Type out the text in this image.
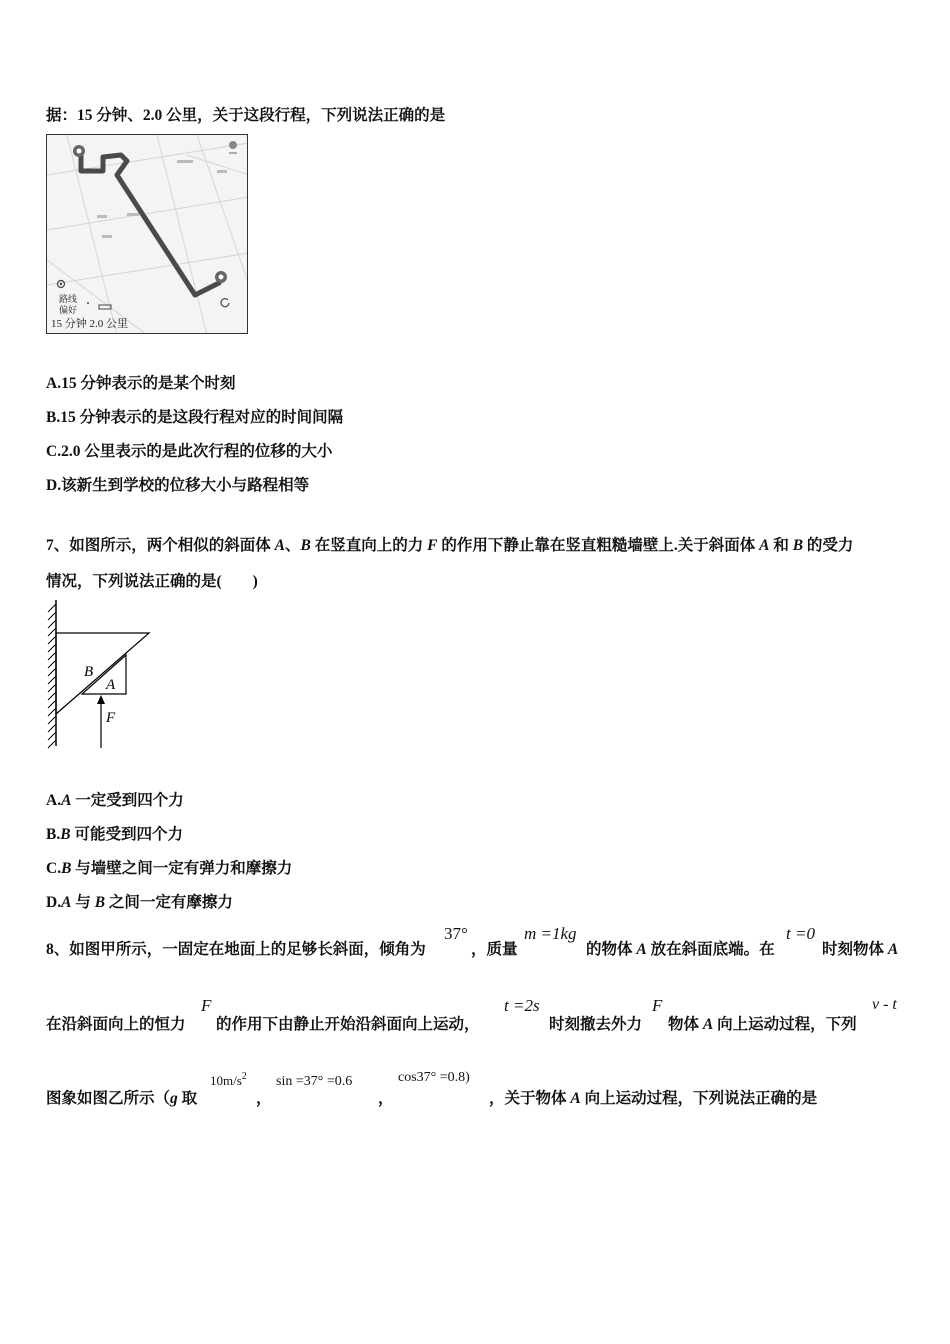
据：15 分钟、2.0 公里，关于这段行程，下列说法正确的是
路线
偏好
15 分钟 2.0 公里
A.15 分钟表示的是某个时刻
B.15 分钟表示的是这段行程对应的时间间隔
C.2.0 公里表示的是此次行程的位移的大小
D.该新生到学校的位移大小与路程相等
7、如图所示，两个相似的斜面体 A、B 在竖直向上的力 F 的作用下静止靠在竖直粗糙墙壁上.关于斜面体 A 和 B 的受力
情况，下列说法正确的是(　　)
B
A
F
A.A 一定受到四个力
B.B 可能受到四个力
C.B 与墙壁之间一定有弹力和摩擦力
D.A 与 B 之间一定有摩擦力
8、如图甲所示，一固定在地面上的足够长斜面，倾角为
37°
，质量
m =1kg
的物体 A 放在斜面底端。在
t =0
时刻物体 A
在沿斜面向上的恒力
F
的作用下由静止开始沿斜面向上运动，
t =2s
时刻撤去外力
F
物体 A 向上运动过程，下列
v - t
图象如图乙所示（g 取
$10m/s^2$
，
sin =37° =0.6
，
cos37° =0.8)
，关于物体 A 向上运动过程，下列说法正确的是
